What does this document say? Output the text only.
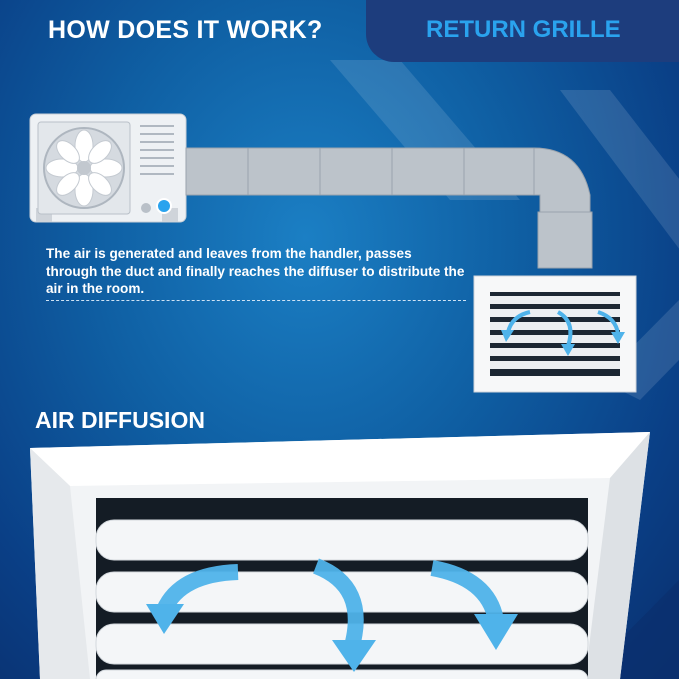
RETURN GRILLE
HOW DOES IT WORK?

The air is generated and leaves from the handler, passes through the duct and finally reaches the diffuser to distribute the air in the room.

AIR DIFFUSION
